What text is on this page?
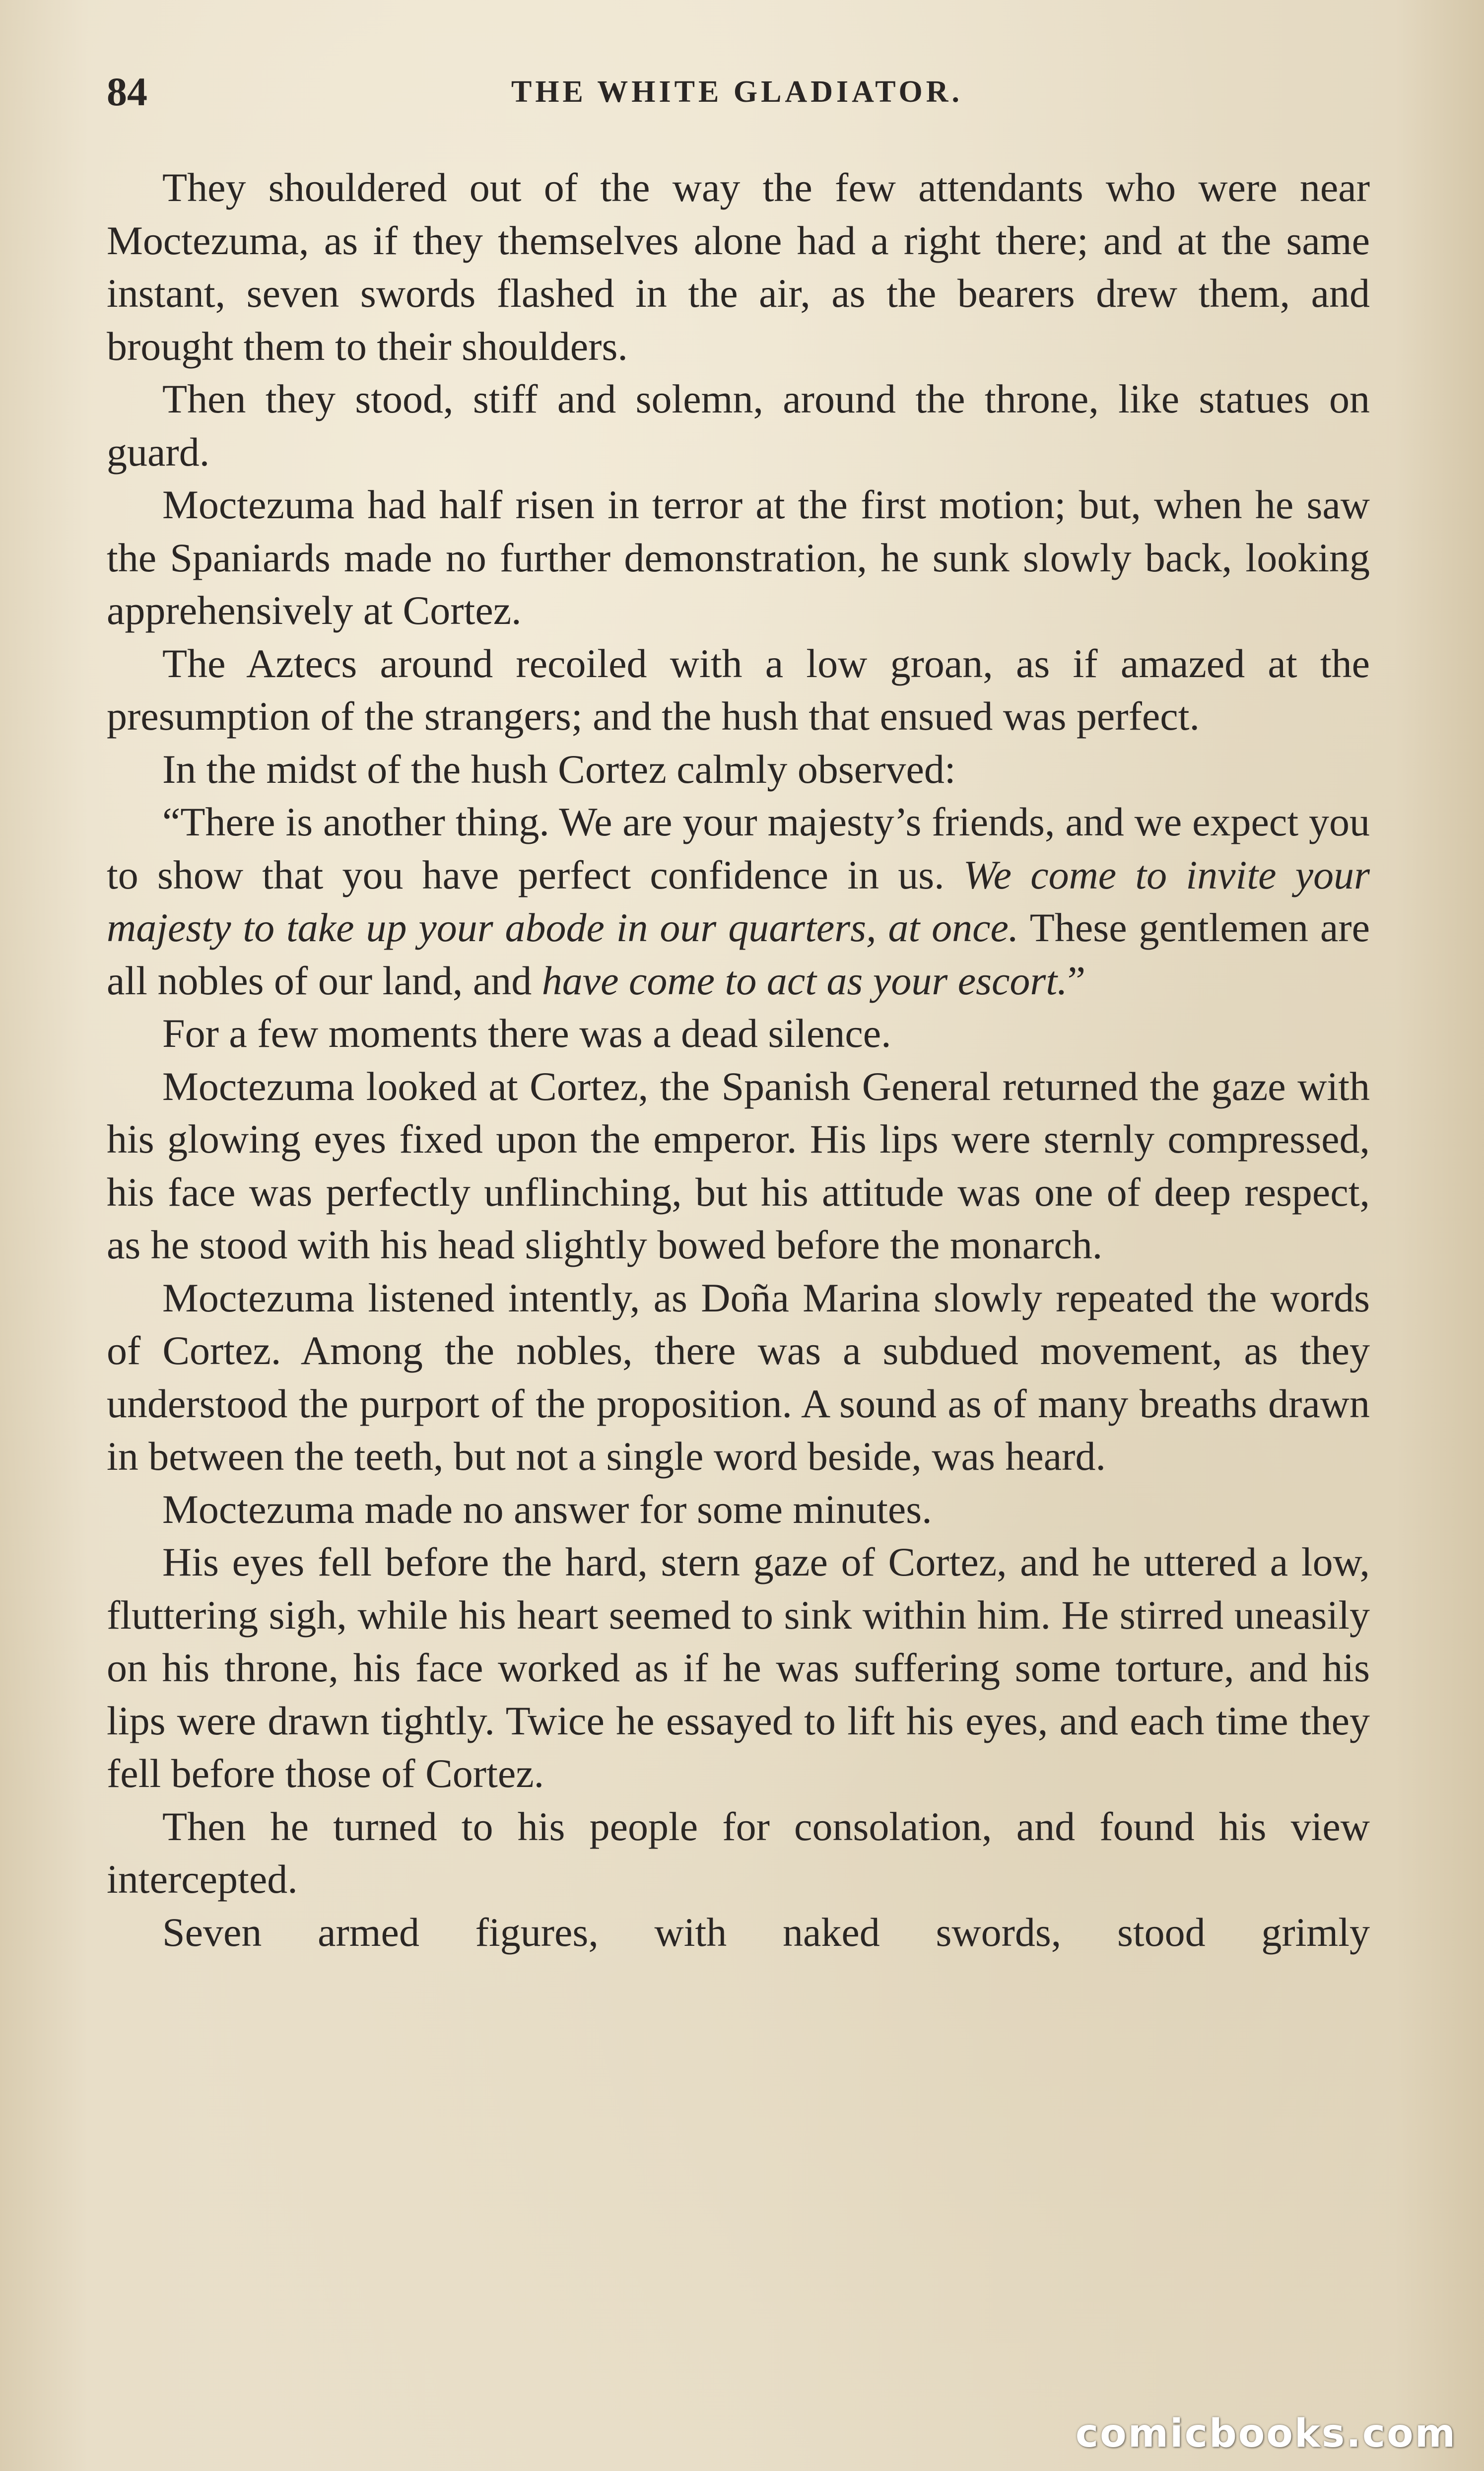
84	THE WHITE GLADIATOR.

They shouldered out of the way the few attendants who were near Moctezuma, as if they themselves alone had a right there; and at the same instant, seven swords flashed in the air, as the bearers drew them, and brought them to their shoulders.

Then they stood, stiff and solemn, around the throne, like statues on guard.

Moctezuma had half risen in terror at the first motion; but, when he saw the Spaniards made no further demonstration, he sunk slowly back, looking apprehensively at Cortez.

The Aztecs around recoiled with a low groan, as if amazed at the presumption of the strangers; and the hush that ensued was perfect.

In the midst of the hush Cortez calmly observed:

“There is another thing. We are your majesty’s friends, and we expect you to show that you have perfect confidence in us. We come to invite your majesty to take up your abode in our quarters, at once. These gentlemen are all nobles of our land, and have come to act as your escort.”

For a few moments there was a dead silence.

Moctezuma looked at Cortez, the Spanish General returned the gaze with his glowing eyes fixed upon the emperor. His lips were sternly compressed, his face was perfectly unflinching, but his attitude was one of deep respect, as he stood with his head slightly bowed before the monarch.

Moctezuma listened intently, as Doña Marina slowly repeated the words of Cortez. Among the nobles, there was a subdued movement, as they understood the purport of the proposition. A sound as of many breaths drawn in between the teeth, but not a single word beside, was heard.

Moctezuma made no answer for some minutes.

His eyes fell before the hard, stern gaze of Cortez, and he uttered a low, fluttering sigh, while his heart seemed to sink within him. He stirred uneasily on his throne, his face worked as if he was suffering some torture, and his lips were drawn tightly. Twice he essayed to lift his eyes, and each time they fell before those of Cortez.

Then he turned to his people for consolation, and found his view intercepted.

Seven armed figures, with naked swords, stood grimly

comicbooks.com
